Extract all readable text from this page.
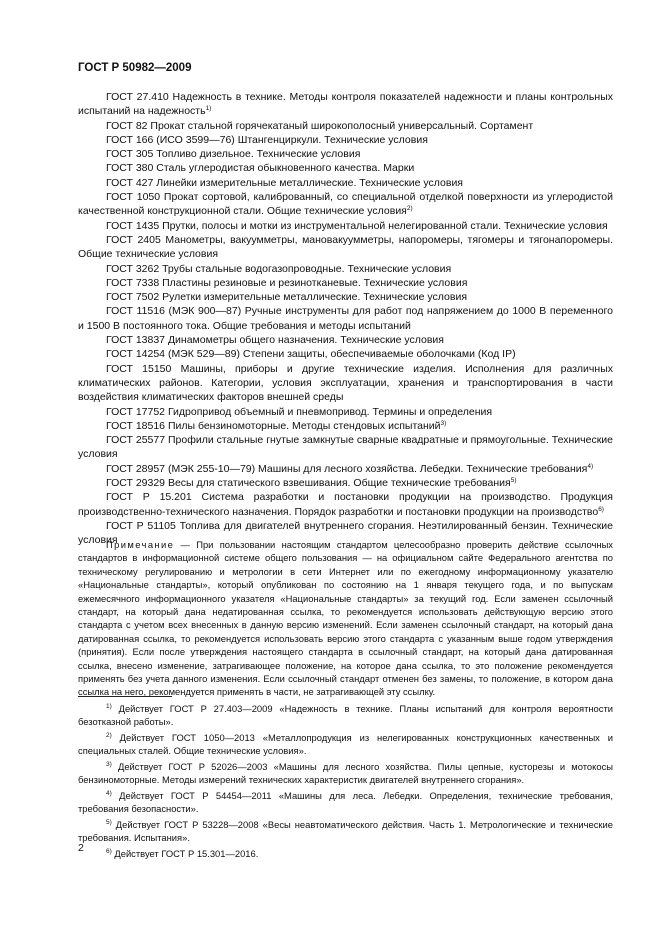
ГОСТ Р 50982—2009
ГОСТ 27.410 Надежность в технике. Методы контроля показателей надежности и планы контрольных испытаний на надежность$^{1)}$
ГОСТ 82 Прокат стальной горячекатаный широкополосный универсальный. Сортамент
ГОСТ 166 (ИСО 3599—76) Штангенциркули. Технические условия
ГОСТ 305 Топливо дизельное. Технические условия
ГОСТ 380 Сталь углеродистая обыкновенного качества. Марки
ГОСТ 427 Линейки измерительные металлические. Технические условия
ГОСТ 1050 Прокат сортовой, калиброванный, со специальной отделкой поверхности из углеродистой качественной конструкционной стали. Общие технические условия$^{2)}$
ГОСТ 1435 Прутки, полосы и мотки из инструментальной нелегированной стали. Технические условия
ГОСТ 2405 Манометры, вакуумметры, мановакуумметры, напоромеры, тягомеры и тягонапоромеры. Общие технические условия
ГОСТ 3262 Трубы стальные водогазопроводные. Технические условия
ГОСТ 7338 Пластины резиновые и резинотканевые. Технические условия
ГОСТ 7502 Рулетки измерительные металлические. Технические условия
ГОСТ 11516 (МЭК 900—87) Ручные инструменты для работ под напряжением до 1000 В переменного и 1500 В постоянного тока. Общие требования и методы испытаний
ГОСТ 13837 Динамометры общего назначения. Технические условия
ГОСТ 14254 (МЭК 529—89) Степени защиты, обеспечиваемые оболочками (Код IP)
ГОСТ 15150 Машины, приборы и другие технические изделия. Исполнения для различных климатических районов. Категории, условия эксплуатации, хранения и транспортирования в части воздействия климатических факторов внешней среды
ГОСТ 17752 Гидропривод объемный и пневмопривод. Термины и определения
ГОСТ 18516 Пилы бензиномоторные. Методы стендовых испытаний$^{3)}$
ГОСТ 25577 Профили стальные гнутые замкнутые сварные квадратные и прямоугольные. Технические условия
ГОСТ 28957 (МЭК 255-10—79) Машины для лесного хозяйства. Лебедки. Технические требования$^{4)}$
ГОСТ 29329 Весы для статического взвешивания. Общие технические требования$^{5)}$
ГОСТ Р 15.201 Система разработки и постановки продукции на производство. Продукция производственно-технического назначения. Порядок разработки и постановки продукции на производство$^{6)}$
ГОСТ Р 51105 Топлива для двигателей внутреннего сгорания. Неэтилированный бензин. Технические условия
Примечание — При пользовании настоящим стандартом целесообразно проверить действие ссылочных стандартов в информационной системе общего пользования — на официальном сайте Федерального агентства по техническому регулированию и метрологии в сети Интернет или по ежегодному информационному указателю «Национальные стандарты», который опубликован по состоянию на 1 января текущего года, и по выпускам ежемесячного информационного указателя «Национальные стандарты» за текущий год. Если заменен ссылочный стандарт, на который дана недатированная ссылка, то рекомендуется использовать действующую версию этого стандарта с учетом всех внесенных в данную версию изменений. Если заменен ссылочный стандарт, на который дана датированная ссылка, то рекомендуется использовать версию этого стандарта с указанным выше годом утверждения (принятия). Если после утверждения настоящего стандарта в ссылочный стандарт, на который дана датированная ссылка, внесено изменение, затрагивающее положение, на которое дана ссылка, то это положение рекомендуется применять без учета данного изменения. Если ссылочный стандарт отменен без замены, то положение, в котором дана ссылка на него, рекомендуется применять в части, не затрагивающей эту ссылку.
$^{1)}$ Действует ГОСТ Р 27.403—2009 «Надежность в технике. Планы испытаний для контроля вероятности безотказной работы».
$^{2)}$ Действует ГОСТ 1050—2013 «Металлопродукция из нелегированных конструкционных качественных и специальных сталей. Общие технические условия».
$^{3)}$ Действует ГОСТ Р 52026—2003 «Машины для лесного хозяйства. Пилы цепные, кусторезы и мотокосы бензиномоторные. Методы измерений технических характеристик двигателей внутреннего сгорания».
$^{4)}$ Действует ГОСТ Р 54454—2011 «Машины для леса. Лебедки. Определения, технические требования, требования безопасности».
$^{5)}$ Действует ГОСТ Р 53228—2008 «Весы неавтоматического действия. Часть 1. Метрологические и технические требования. Испытания».
$^{6)}$ Действует ГОСТ Р 15.301—2016.
2
